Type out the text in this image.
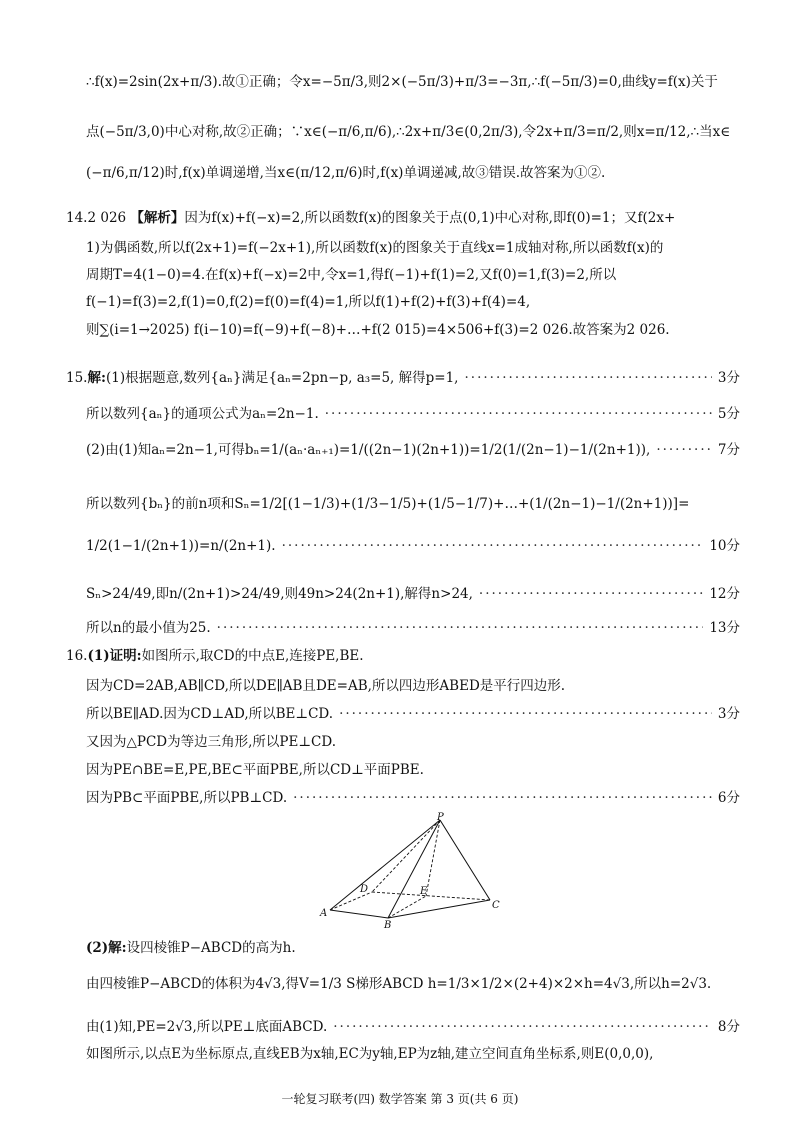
∴f(x)=2sin(2x+π/3).故①正确；令x=−5π/3,则2×(−5π/3)+π/3=−3π,∴f(−5π/3)=0,曲线y=f(x)关于
点(−5π/3,0)中心对称,故②正确；∵x∈(−π/6,π/6),∴2x+π/3∈(0,2π/3),令2x+π/3=π/2,则x=π/12,∴当x∈
(−π/6,π/12)时,f(x)单调递增,当x∈(π/12,π/6)时,f(x)单调递减,故③错误.故答案为①②.
14.2 026 【解析】因为f(x)+f(−x)=2,所以函数f(x)的图象关于点(0,1)中心对称,即f(0)=1；又f(2x+
1)为偶函数,所以f(2x+1)=f(−2x+1),所以函数f(x)的图象关于直线x=1成轴对称,所以函数f(x)的
周期T=4(1−0)=4.在f(x)+f(−x)=2中,令x=1,得f(−1)+f(1)=2,又f(0)=1,f(3)=2,所以
f(−1)=f(3)=2,f(1)=0,f(2)=f(0)=f(4)=1,所以f(1)+f(2)+f(3)+f(4)=4,
则∑(i=1→2025) f(i−10)=f(−9)+f(−8)+…+f(2 015)=4×506+f(3)=2 026.故答案为2 026.
15.解:(1)根据题意,数列{aₙ}满足{aₙ=2pn−p, a₃=5, 解得p=1, ·····	3分
所以数列{aₙ}的通项公式为aₙ=2n−1. ·····	5分
(2)由(1)知aₙ=2n−1,可得bₙ=1/(aₙ·aₙ₊₁)=1/((2n−1)(2n+1))=1/2(1/(2n−1)−1/(2n+1)), ·····	7分
所以数列{bₙ}的前n项和Sₙ=1/2[(1−1/3)+(1/3−1/5)+(1/5−1/7)+…+(1/(2n−1)−1/(2n+1))]=
1/2(1−1/(2n+1))=n/(2n+1). ·····	10分
Sₙ>24/49,即n/(2n+1)>24/49,则49n>24(2n+1),解得n>24, ·····	12分
所以n的最小值为25. ·····	13分
16.(1)证明:如图所示,取CD的中点E,连接PE,BE.
因为CD=2AB,AB∥CD,所以DE∥AB且DE=AB,所以四边形ABED是平行四边形.
所以BE∥AD.因为CD⊥AD,所以BE⊥CD. ·····	3分
又因为△PCD为等边三角形,所以PE⊥CD.
因为PE∩BE=E,PE,BE⊂平面PBE,所以CD⊥平面PBE.
因为PB⊂平面PBE,所以PB⊥CD. ·····	6分
P
D	E
A
B
C
(2)解:设四棱锥P−ABCD的高为h.
由四棱锥P−ABCD的体积为4√3,得V=1/3 S梯形ABCD h=1/3×1/2×(2+4)×2×h=4√3,所以h=2√3.
由(1)知,PE=2√3,所以PE⊥底面ABCD. ·····	8分
如图所示,以点E为坐标原点,直线EB为x轴,EC为y轴,EP为z轴,建立空间直角坐标系,则E(0,0,0),
一轮复习联考(四) 数学答案 第 3 页(共 6 页)
